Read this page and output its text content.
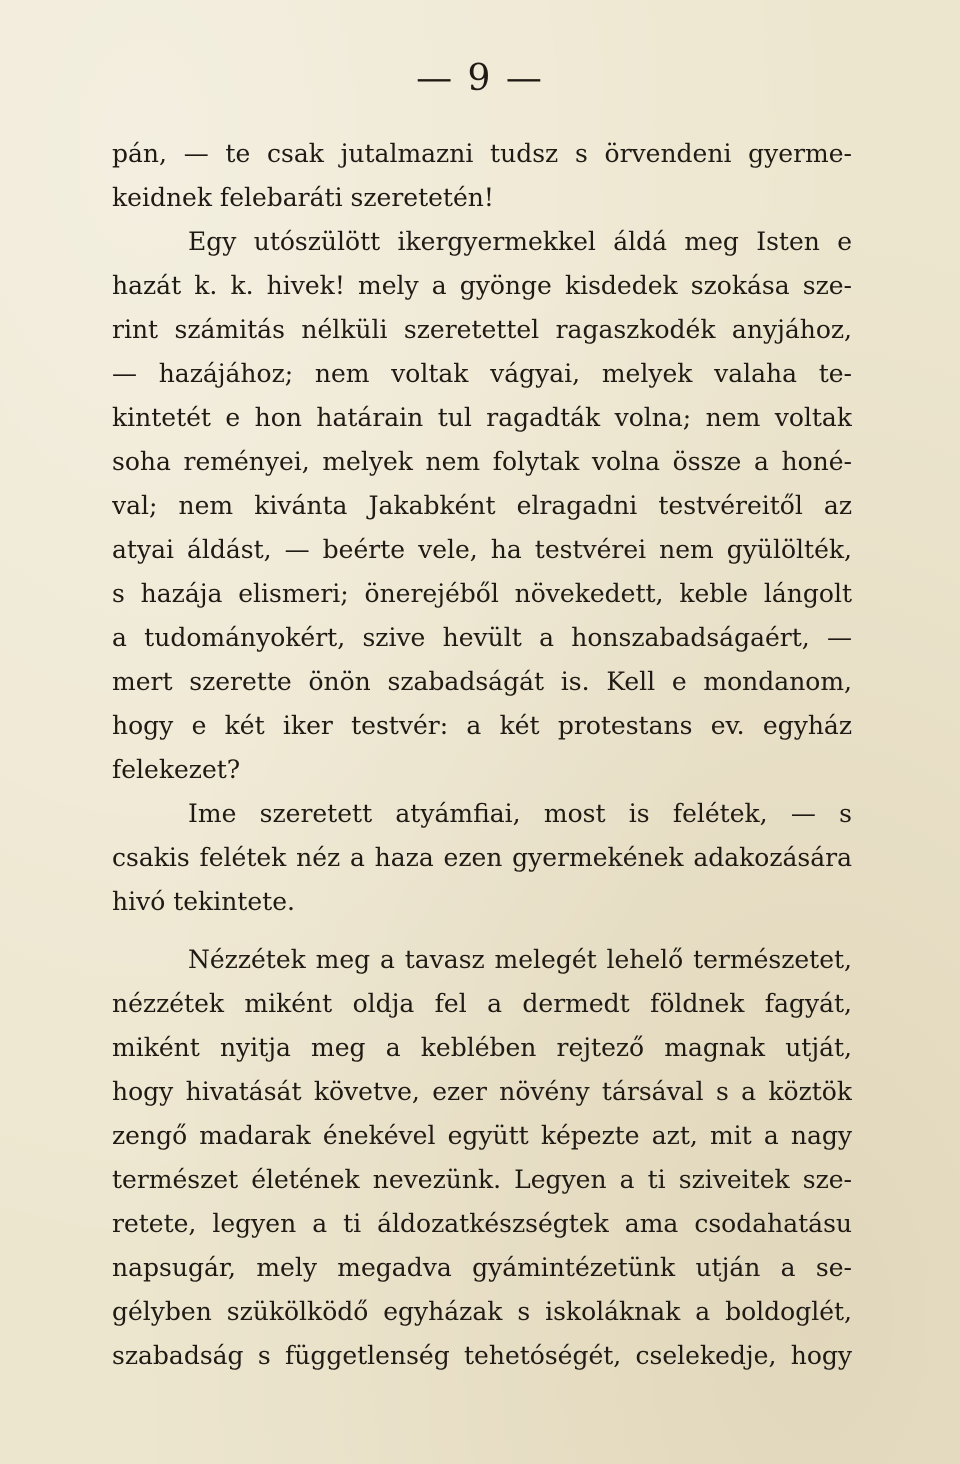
— 9 —
pán, — te csak jutalmazni tudsz s örvendeni gyerme-
keidnek felebaráti szeretetén!
Egy utószülött ikergyermekkel áldá meg Isten e
hazát k. k. hivek! mely a gyönge kisdedek szokása sze-
rint számitás nélküli szeretettel ragaszkodék anyjához,
— hazájához; nem voltak vágyai, melyek valaha te-
kintetét e hon határain tul ragadták volna; nem voltak
soha reményei, melyek nem folytak volna össze a honé-
val; nem kivánta Jakabként elragadni testvéreitől az
atyai áldást, — beérte vele, ha testvérei nem gyülölték,
s hazája elismeri; önerejéből növekedett, keble lángolt
a tudományokért, szive hevült a honszabadságaért, —
mert szerette önön szabadságát is. Kell e mondanom,
hogy e két iker testvér: a két protestans ev. egyház
felekezet?
Ime szeretett atyámfiai, most is felétek, — s
csakis felétek néz a haza ezen gyermekének adakozására
hivó tekintete.
Nézzétek meg a tavasz melegét lehelő természetet,
nézzétek miként oldja fel a dermedt földnek fagyát,
miként nyitja meg a keblében rejtező magnak utját,
hogy hivatását követve, ezer növény társával s a köztök
zengő madarak énekével együtt képezte azt, mit a nagy
természet életének nevezünk. Legyen a ti sziveitek sze-
retete, legyen a ti áldozatkészségtek ama csodahatásu
napsugár, mely megadva gyámintézetünk utján a se-
gélyben szükölködő egyházak s iskoláknak a boldoglét,
szabadság s függetlenség tehetóségét, cselekedje, hogy
